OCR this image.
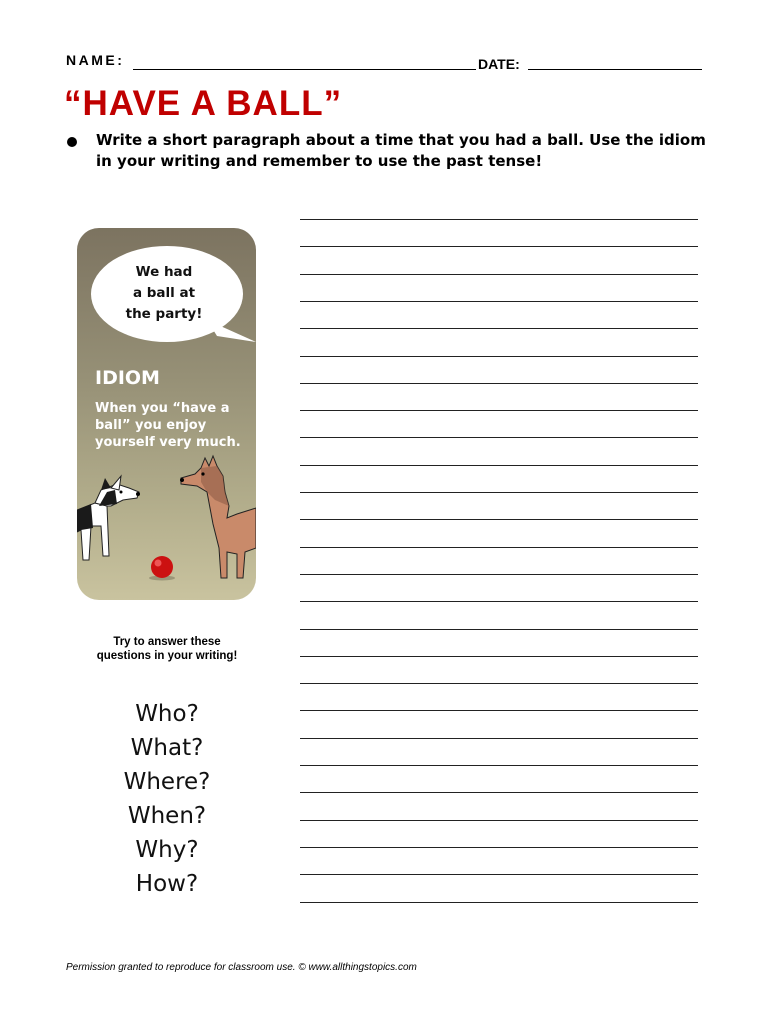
NAME:	DATE:
“HAVE A BALL”
Write a short paragraph about a time that you had a ball. Use the idiom in your writing and remember to use the past tense!
We had
a ball at
the party!
IDIOM
When you “have a ball” you enjoy yourself very much.
Try to answer these questions in your writing!
Who?
What?
Where?
When?
Why?
How?
Permission granted to reproduce for classroom use. © www.allthingstopics.com
